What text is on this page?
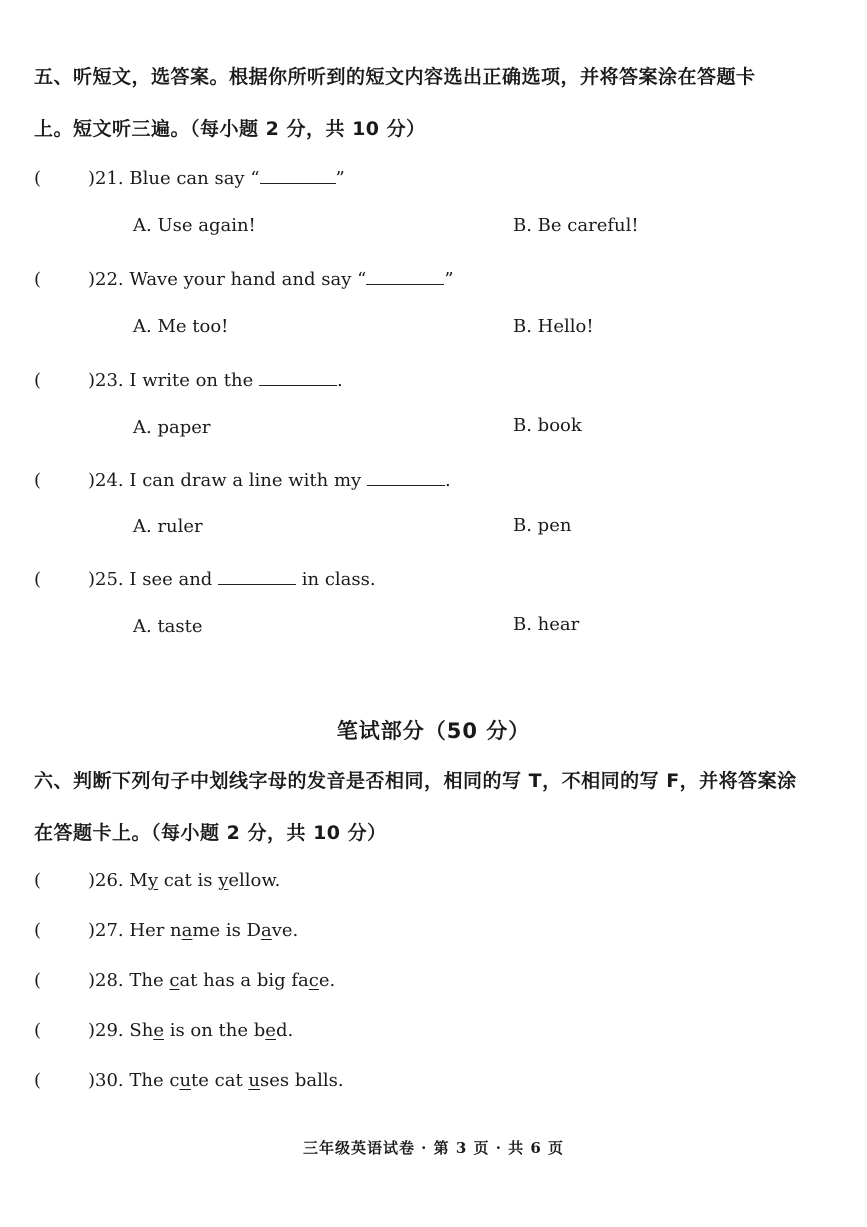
五、听短文，选答案。根据你所听到的短文内容选出正确选项，并将答案涂在答题卡
上。短文听三遍。（每小题 2 分，共 10 分）
(	)21. Blue can say “	”
A. Use again!	B. Be careful!
(	)22. Wave your hand and say “	”
A. Me too!	B. Hello!
(	)23. I write on the	.
A. paper	B. book
(	)24. I can draw a line with my	.
A. ruler	B. pen
(	)25. I see and	in class.
A. taste	B. hear
笔试部分（50 分）
六、判断下列句子中划线字母的发音是否相同，相同的写 T，不相同的写 F，并将答案涂
在答题卡上。（每小题 2 分，共 10 分）
(	)26. My cat is yellow.
(	)27. Her name is Dave.
(	)28. The cat has a big face.
(	)29. She is on the bed.
(	)30. The cute cat uses balls.
三年级英语试卷 · 第 3 页 · 共 6 页
